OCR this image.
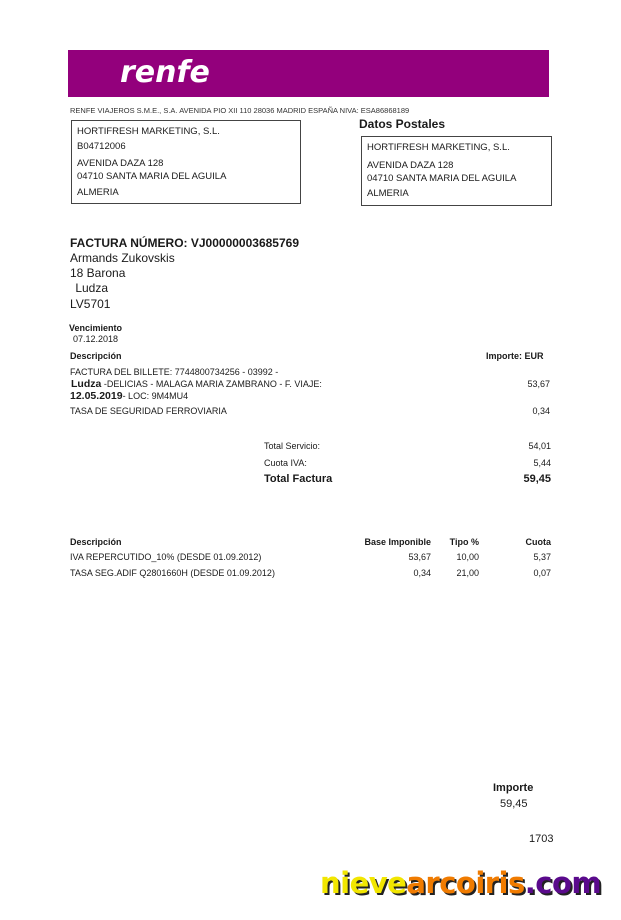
renfe
RENFE VIAJEROS S.M.E., S.A. AVENIDA PIO XII 110 28036 MADRID ESPAÑA NIVA: ESA86868189
HORTIFRESH MARKETING, S.L.
B04712006
AVENIDA DAZA 128
04710 SANTA MARIA DEL AGUILA
ALMERIA
Datos Postales
HORTIFRESH MARKETING, S.L.
AVENIDA DAZA 128
04710 SANTA MARIA DEL AGUILA
ALMERIA
FACTURA NÚMERO: VJ00000003685769
Armands Zukovskis
18 Barona
Ludza
LV5701
Vencimiento
07.12.2018
Descripción	Importe: EUR
FACTURA DEL BILLETE: 7744800734256 - 03992 -
Ludza -DELICIAS - MALAGA MARIA ZAMBRANO - F. VIAJE:
12.05.2019- LOC: 9M4MU4
53,67
TASA DE SEGURIDAD FERROVIARIA	0,34
Total Servicio:	54,01
Cuota IVA:	5,44
Total Factura	59,45
Descripción	Base Imponible	Tipo %	Cuota
IVA REPERCUTIDO_10% (DESDE 01.09.2012)	53,67	10,00	5,37
TASA SEG.ADIF Q2801660H (DESDE 01.09.2012)	0,34	21,00	0,07
Importe
59,45
1703
nievearcoiris.com
